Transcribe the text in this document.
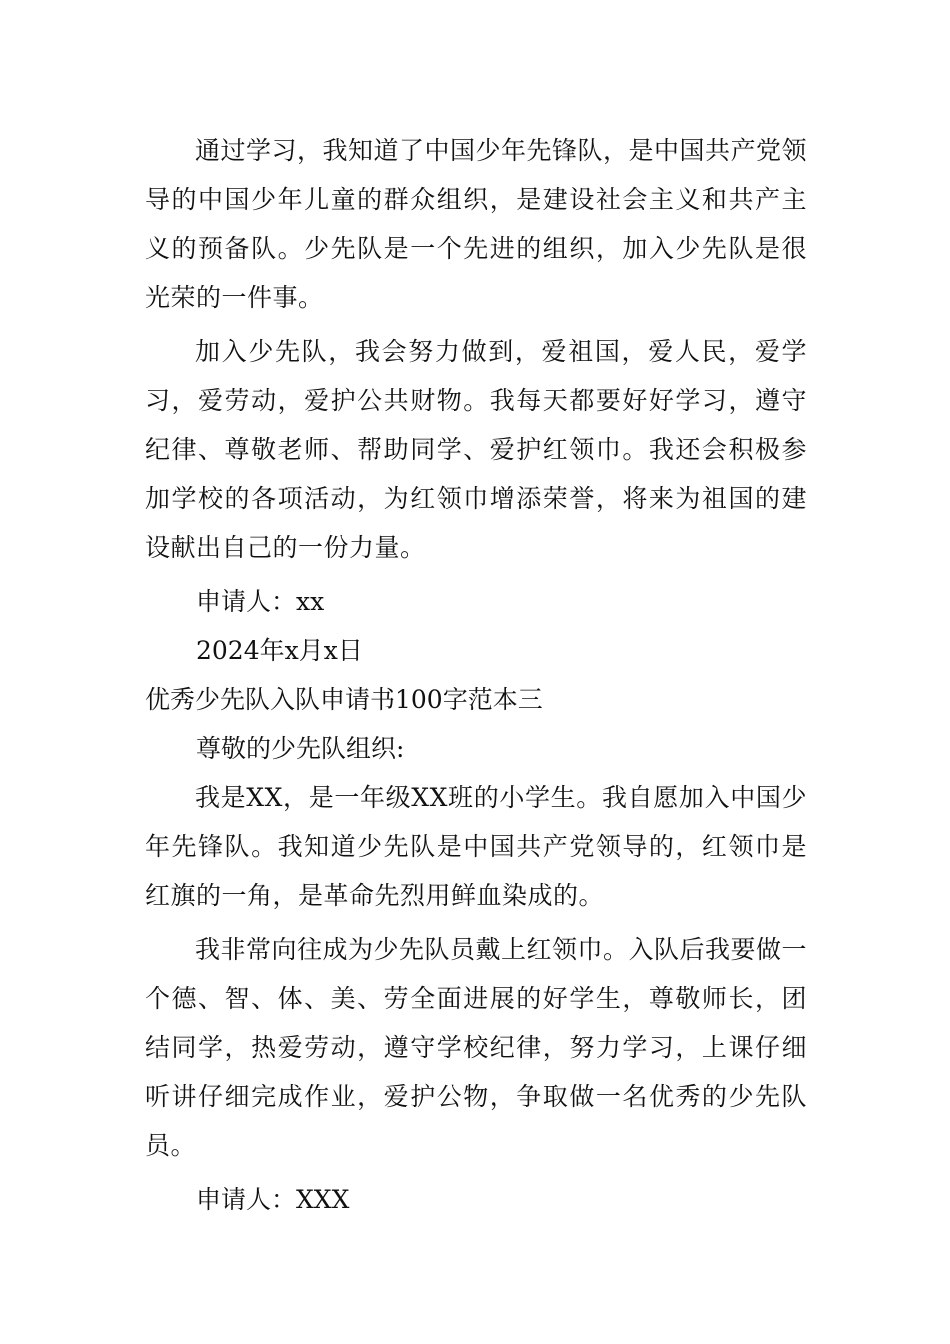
通过学习，我知道了中国少年先锋队，是中国共产党领导的中国少年儿童的群众组织，是建设社会主义和共产主义的预备队。少先队是一个先进的组织，加入少先队是很光荣的一件事。

加入少先队，我会努力做到，爱祖国，爱人民，爱学习，爱劳动，爱护公共财物。我每天都要好好学习，遵守纪律、尊敬老师、帮助同学、爱护红领巾。我还会积极参加学校的各项活动，为红领巾增添荣誉，将来为祖国的建设献出自己的一份力量。

申请人：xx

2024年x月x日

优秀少先队入队申请书100字范本三

尊敬的少先队组织:

我是XX，是一年级XX班的小学生。我自愿加入中国少年先锋队。我知道少先队是中国共产党领导的，红领巾是红旗的一角，是革命先烈用鲜血染成的。

我非常向往成为少先队员戴上红领巾。入队后我要做一个德、智、体、美、劳全面进展的好学生，尊敬师长，团结同学，热爱劳动，遵守学校纪律，努力学习，上课仔细听讲仔细完成作业，爱护公物，争取做一名优秀的少先队员。

申请人：XXX
